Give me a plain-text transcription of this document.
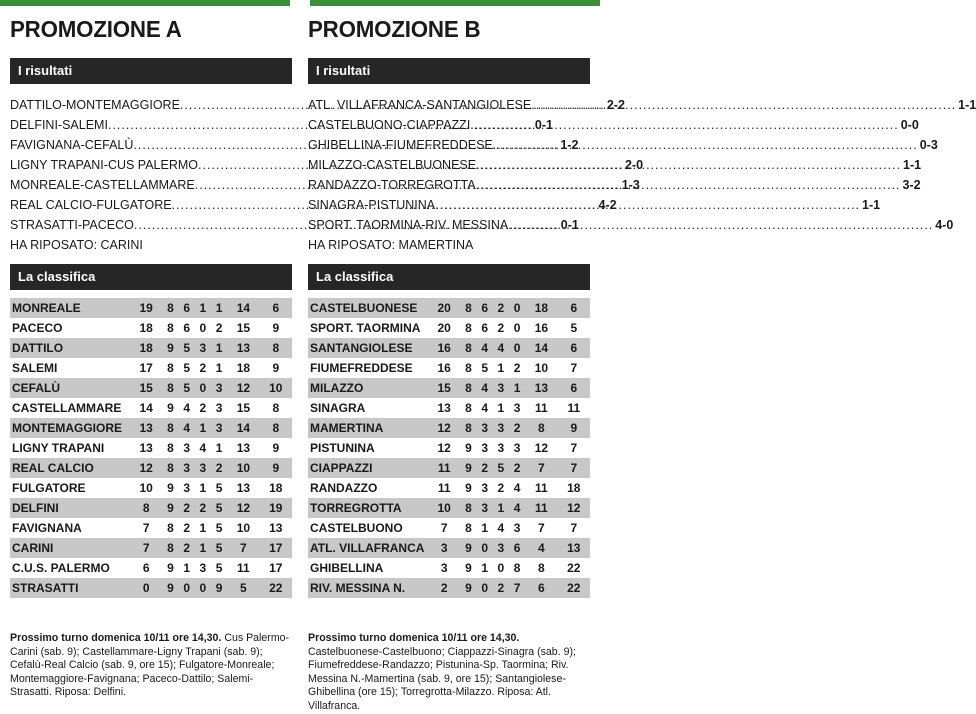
PROMOZIONE A
I risultati
DATTILO-MONTEMAGGIORE .....	2-2
DELFINI-SALEMI .....	0-1
FAVIGNANA-CEFALÙ .....	1-2
LIGNY TRAPANI-CUS PALERMO .....	2-0
MONREALE-CASTELLAMMARE .....	1-3
REAL CALCIO-FULGATORE .....	4-2
STRASATTI-PACECO .....	0-1
HA RIPOSATO: CARINI
La classifica
MONREALE	19	8	6	1	1	14	6
PACECO	18	8	6	0	2	15	9
DATTILO	18	9	5	3	1	13	8
SALEMI	17	8	5	2	1	18	9
CEFALÙ	15	8	5	0	3	12	10
CASTELLAMMARE	14	9	4	2	3	15	8
MONTEMAGGIORE	13	8	4	1	3	14	8
LIGNY TRAPANI	13	8	3	4	1	13	9
REAL CALCIO	12	8	3	3	2	10	9
FULGATORE	10	9	3	1	5	13	18
DELFINI	8	9	2	2	5	12	19
FAVIGNANA	7	8	2	1	5	10	13
CARINI	7	8	2	1	5	7	17
C.U.S. PALERMO	6	9	1	3	5	11	17
STRASATTI	0	9	0	0	9	5	22
PROMOZIONE B
I risultati
ATL. VILLAFRANCA-SANTANGIOLESE .....	1-1
CASTELBUONO-CIAPPAZZI. .....	0-0
GHIBELLINA-FIUMEFREDDESE .....	0-3
MILAZZO-CASTELBUONESE .....	1-1
RANDAZZO-TORREGROTTA .....	3-2
SINAGRA-PISTUNINA .....	1-1
SPORT. TAORMINA-RIV. MESSINA .....	4-0
HA RIPOSATO: MAMERTINA
La classifica
CASTELBUONESE	20	8	6	2	0	18	6
SPORT. TAORMINA	20	8	6	2	0	16	5
SANTANGIOLESE	16	8	4	4	0	14	6
FIUMEFREDDESE	16	8	5	1	2	10	7
MILAZZO	15	8	4	3	1	13	6
SINAGRA	13	8	4	1	3	11	11
MAMERTINA	12	8	3	3	2	8	9
PISTUNINA	12	9	3	3	3	12	7
CIAPPAZZI	11	9	2	5	2	7	7
RANDAZZO	11	9	3	2	4	11	18
TORREGROTTA	10	8	3	1	4	11	12
CASTELBUONO	7	8	1	4	3	7	7
ATL. VILLAFRANCA	3	9	0	3	6	4	13
GHIBELLINA	3	9	1	0	8	8	22
RIV. MESSINA N.	2	9	0	2	7	6	22
Prossimo turno domenica 10/11 ore 14,30. Cus Palermo-Carini (sab. 9); Castellammare-Ligny Trapani (sab. 9); Cefalù-Real Calcio (sab. 9, ore 15); Fulgatore-Monreale; Montemaggiore-Favignana; Paceco-Dattilo; Salemi-Strasatti. Riposa: Delfini.
Prossimo turno domenica 10/11 ore 14,30. Castelbuonese-Castelbuono; Ciappazzi-Sinagra (sab. 9); Fiumefreddese-Randazzo; Pistunina-Sp. Taormina; Riv. Messina N.-Mamertina (sab. 9, ore 15); Santangiolese-Ghibellina (ore 15); Torregrotta-Milazzo. Riposa: Atl. Villafranca.
